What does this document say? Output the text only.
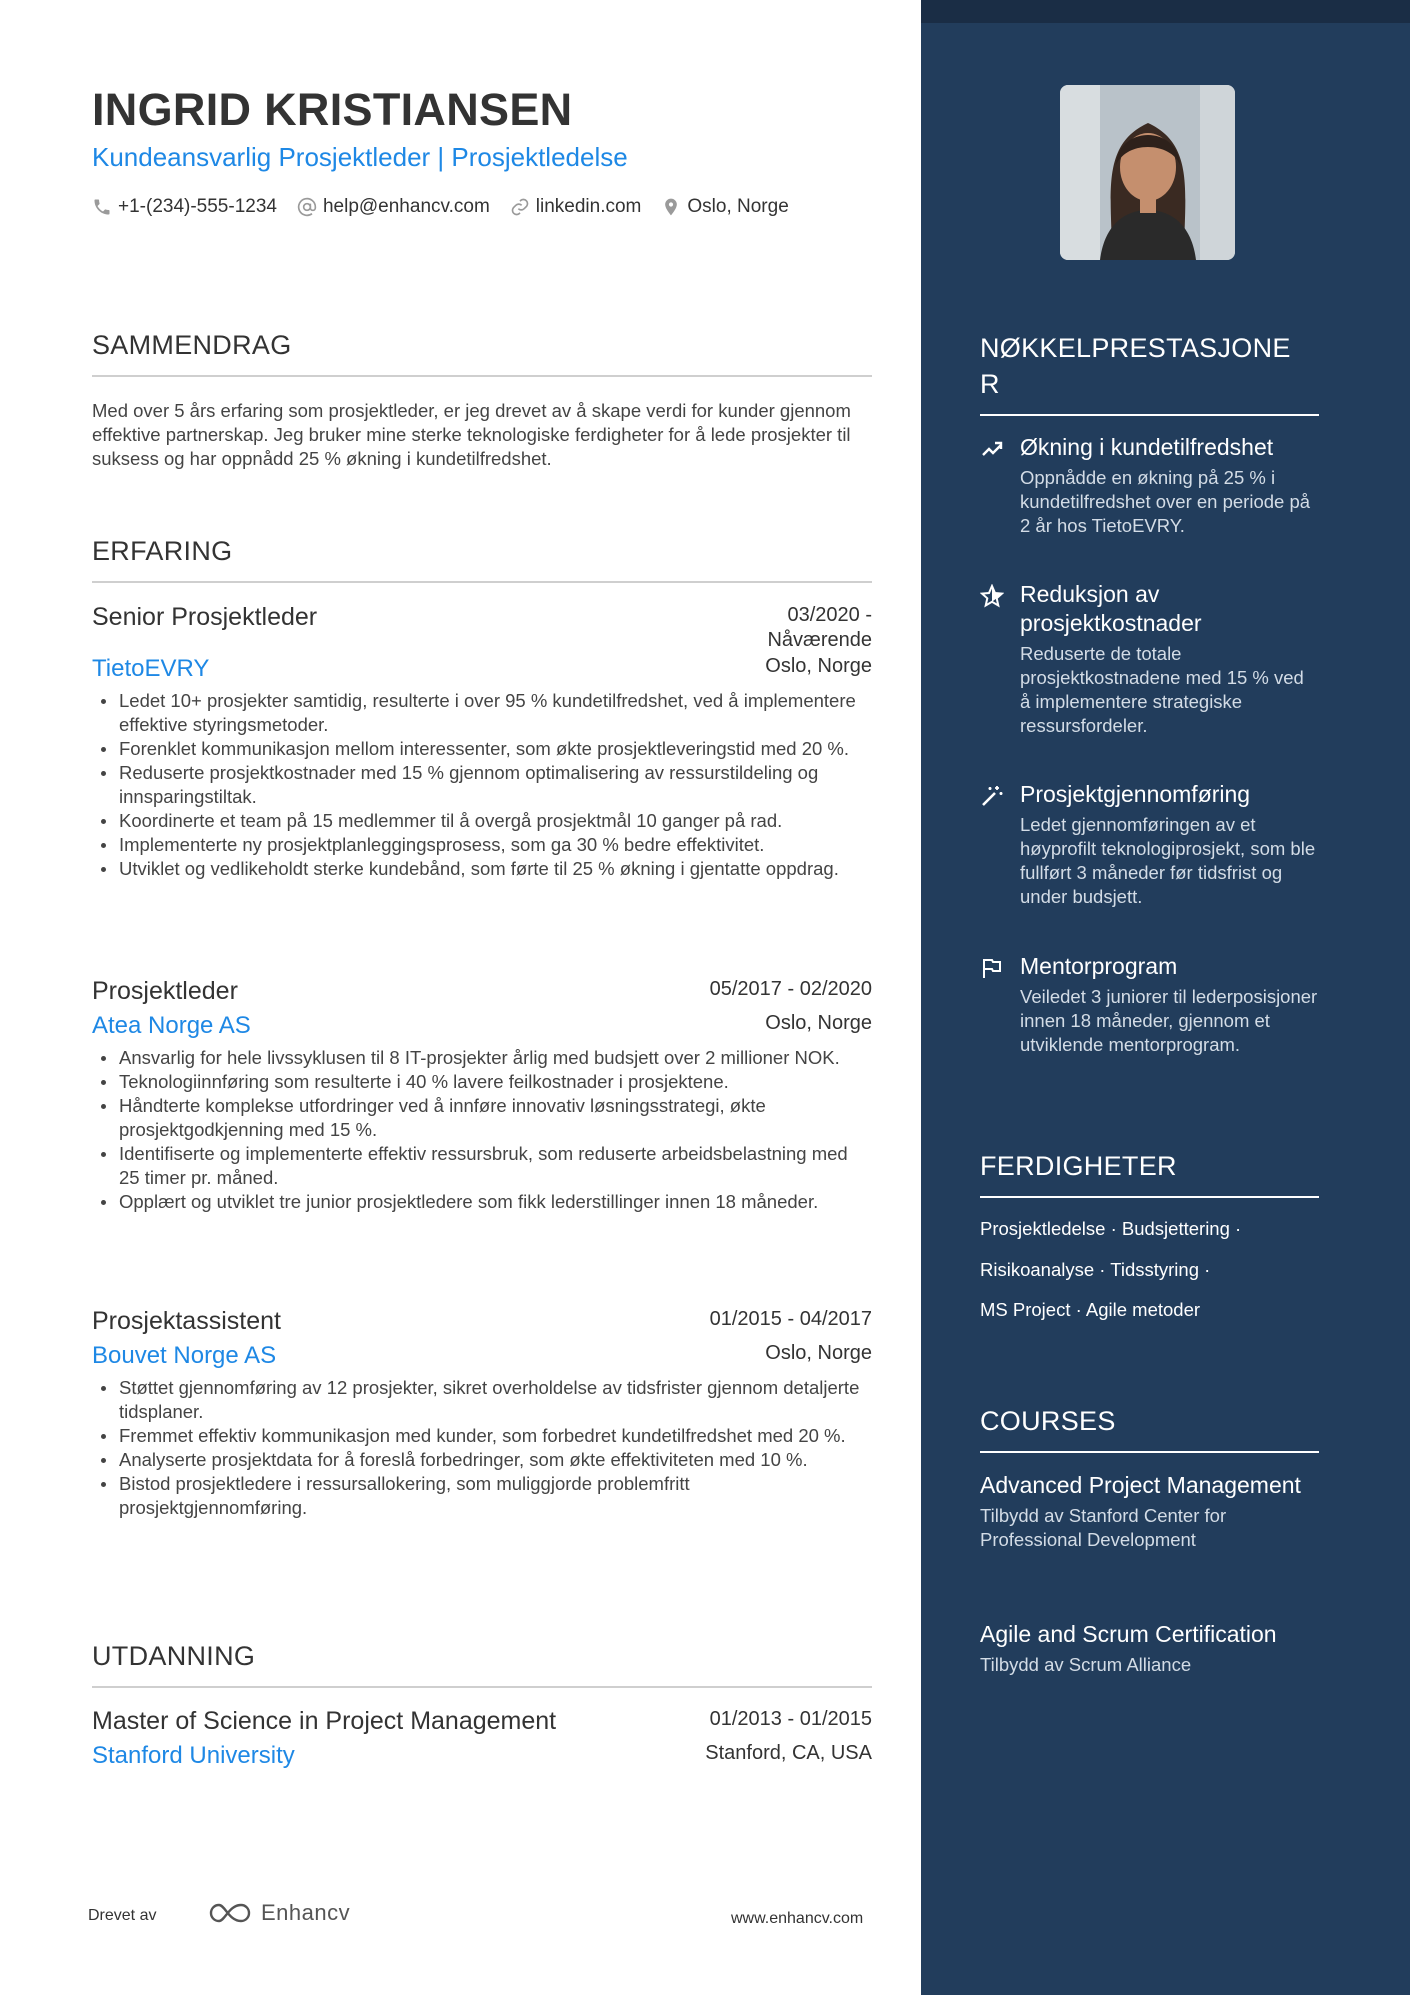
INGRID KRISTIANSEN
Kundeansvarlig Prosjektleder | Prosjektledelse
+1-(234)-555-1234 help@enhancv.com linkedin.com Oslo, Norge
SAMMENDRAG
Med over 5 års erfaring som prosjektleder, er jeg drevet av å skape verdi for kunder gjennom effektive partnerskap. Jeg bruker mine sterke teknologiske ferdigheter for å lede prosjekter til suksess og har oppnådd 25 % økning i kundetilfredshet.
ERFARING
Senior Prosjektleder	03/2020 -
Nåværende
TietoEVRY	Oslo, Norge
Ledet 10+ prosjekter samtidig, resulterte i over 95 % kundetilfredshet, ved å implementere effektive styringsmetoder.
Forenklet kommunikasjon mellom interessenter, som økte prosjektleveringstid med 20 %.
Reduserte prosjektkostnader med 15 % gjennom optimalisering av ressurstildeling og innsparingstiltak.
Koordinerte et team på 15 medlemmer til å overgå prosjektmål 10 ganger på rad.
Implementerte ny prosjektplanleggingsprosess, som ga 30 % bedre effektivitet.
Utviklet og vedlikeholdt sterke kundebånd, som førte til 25 % økning i gjentatte oppdrag.
Prosjektleder	05/2017 - 02/2020
Atea Norge AS	Oslo, Norge
Ansvarlig for hele livssyklusen til 8 IT-prosjekter årlig med budsjett over 2 millioner NOK.
Teknologiinnføring som resulterte i 40 % lavere feilkostnader i prosjektene.
Håndterte komplekse utfordringer ved å innføre innovativ løsningsstrategi, økte prosjektgodkjenning med 15 %.
Identifiserte og implementerte effektiv ressursbruk, som reduserte arbeidsbelastning med 25 timer pr. måned.
Opplært og utviklet tre junior prosjektledere som fikk lederstillinger innen 18 måneder.
Prosjektassistent	01/2015 - 04/2017
Bouvet Norge AS	Oslo, Norge
Støttet gjennomføring av 12 prosjekter, sikret overholdelse av tidsfrister gjennom detaljerte tidsplaner.
Fremmet effektiv kommunikasjon med kunder, som forbedret kundetilfredshet med 20 %.
Analyserte prosjektdata for å foreslå forbedringer, som økte effektiviteten med 10 %.
Bistod prosjektledere i ressursallokering, som muliggjorde problemfritt prosjektgjennomføring.
UTDANNING
Master of Science in Project Management	01/2013 - 01/2015
Stanford University	Stanford, CA, USA
Drevet av	Enhancv	www.enhancv.com
NØKKELPRESTASJONE
R
Økning i kundetilfredshet
Oppnådde en økning på 25 % i kundetilfredshet over en periode på 2 år hos TietoEVRY.
Reduksjon av prosjektkostnader
Reduserte de totale prosjektkostnadene med 15 % ved å implementere strategiske ressursfordeler.
Prosjektgjennomføring
Ledet gjennomføringen av et høyprofilt teknologiprosjekt, som ble fullført 3 måneder før tidsfrist og under budsjett.
Mentorprogram
Veiledet 3 juniorer til lederposisjoner innen 18 måneder, gjennom et utviklende mentorprogram.
FERDIGHETER
Prosjektledelse · Budsjettering ·
Risikoanalyse · Tidsstyring ·
MS Project · Agile metoder
COURSES
Advanced Project Management
Tilbydd av Stanford Center for Professional Development
Agile and Scrum Certification
Tilbydd av Scrum Alliance
